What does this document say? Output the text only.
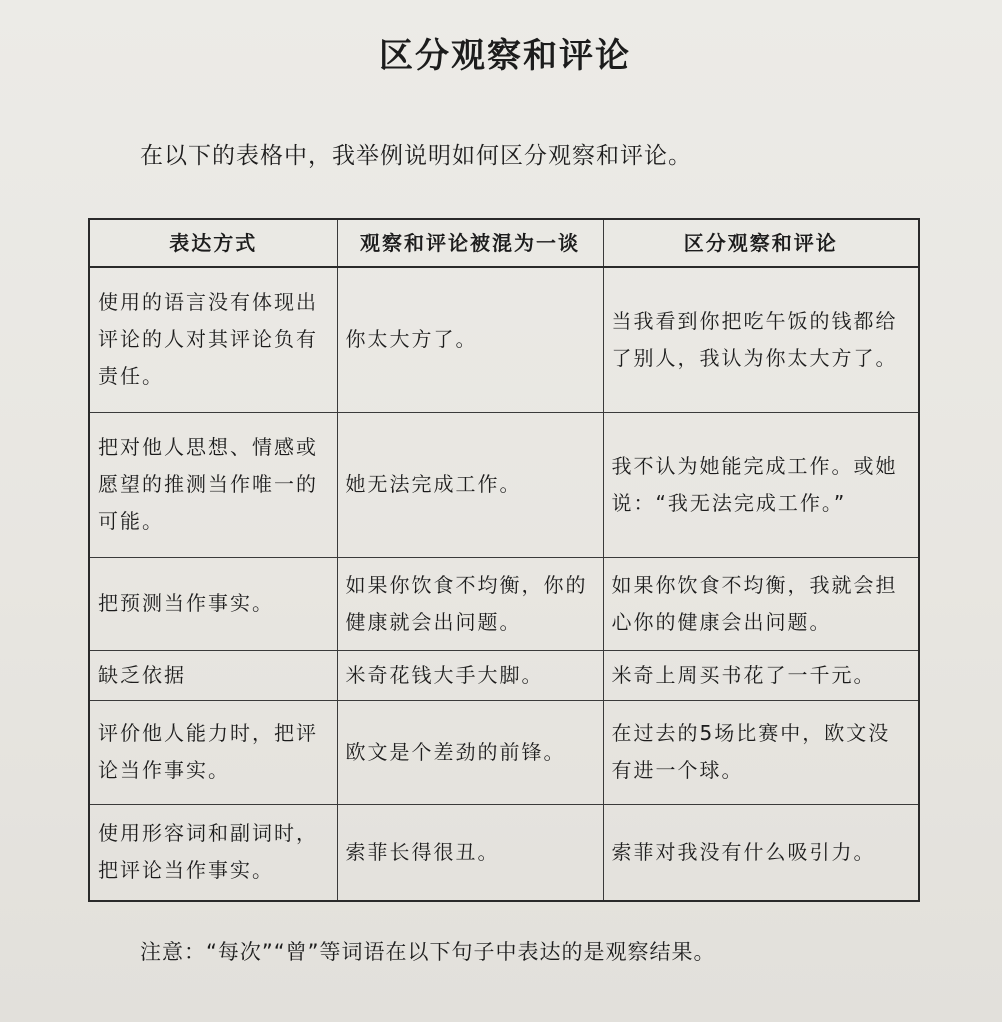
区分观察和评论
在以下的表格中，我举例说明如何区分观察和评论。
表达方式	观察和评论被混为一谈	区分观察和评论
使用的语言没有体现出评论的人对其评论负有责任。	你太大方了。	当我看到你把吃午饭的钱都给了别人，我认为你太大方了。
把对他人思想、情感或愿望的推测当作唯一的可能。	她无法完成工作。	我不认为她能完成工作。或她说：“我无法完成工作。”
把预测当作事实。	如果你饮食不均衡，你的健康就会出问题。	如果你饮食不均衡，我就会担心你的健康会出问题。
缺乏依据	米奇花钱大手大脚。	米奇上周买书花了一千元。
评价他人能力时，把评论当作事实。	欧文是个差劲的前锋。	在过去的5场比赛中，欧文没有进一个球。
使用形容词和副词时，把评论当作事实。	索菲长得很丑。	索菲对我没有什么吸引力。
注意：“每次”“曾”等词语在以下句子中表达的是观察结果。
